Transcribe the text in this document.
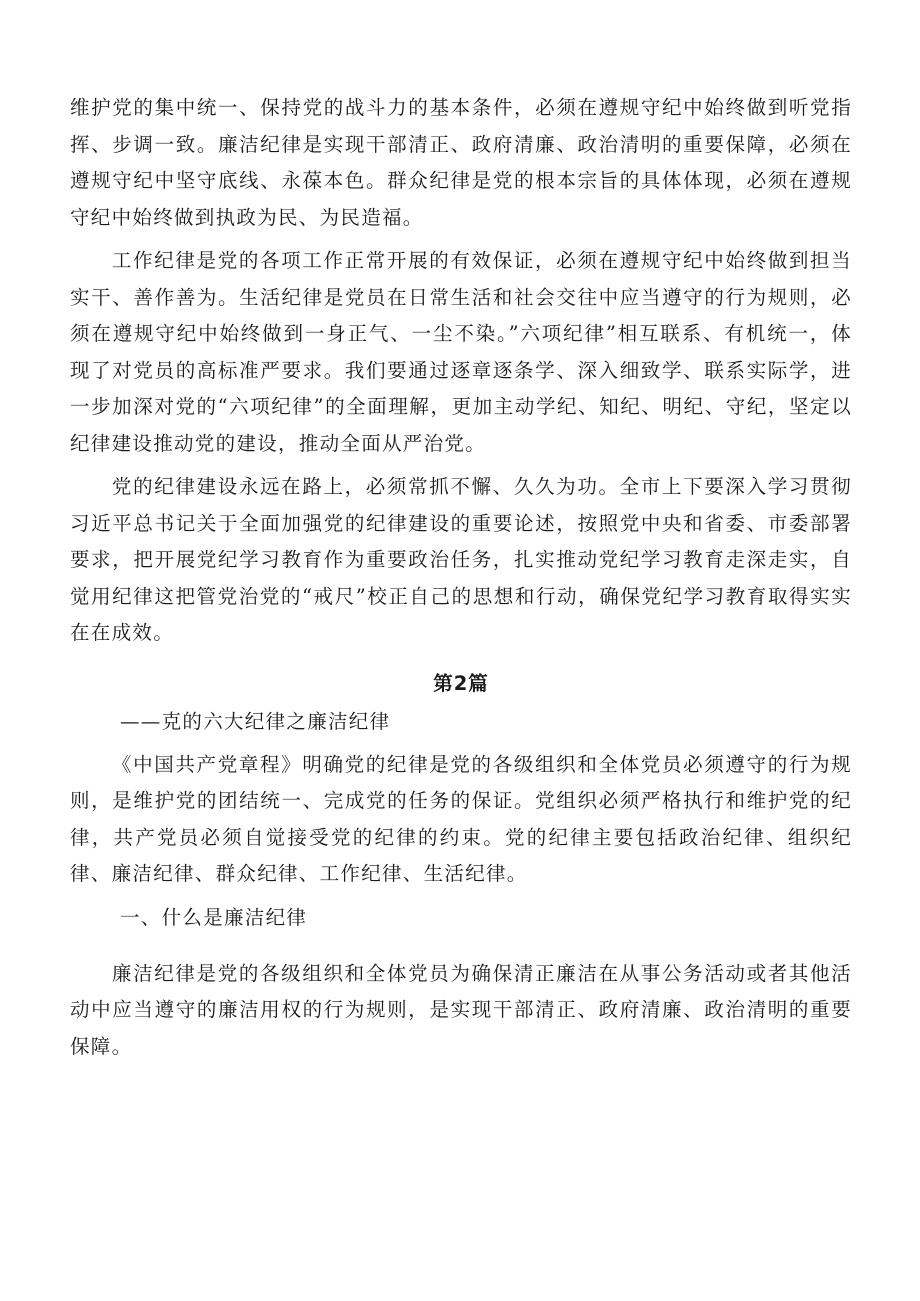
维护党的集中统一、保持党的战斗力的基本条件，必须在遵规守纪中始终做到听党指挥、步调一致。廉洁纪律是实现干部清正、政府清廉、政治清明的重要保障，必须在遵规守纪中坚守底线、永葆本色。群众纪律是党的根本宗旨的具体体现，必须在遵规守纪中始终做到执政为民、为民造福。

工作纪律是党的各项工作正常开展的有效保证，必须在遵规守纪中始终做到担当实干、善作善为。生活纪律是党员在日常生活和社会交往中应当遵守的行为规则，必须在遵规守纪中始终做到一身正气、一尘不染。”六项纪律”相互联系、有机统一，体现了对党员的高标准严要求。我们要通过逐章逐条学、深入细致学、联系实际学，进一步加深对党的“六项纪律”的全面理解，更加主动学纪、知纪、明纪、守纪，坚定以纪律建设推动党的建设，推动全面从严治党。

党的纪律建设永远在路上，必须常抓不懈、久久为功。全市上下要深入学习贯彻习近平总书记关于全面加强党的纪律建设的重要论述，按照党中央和省委、市委部署要求，把开展党纪学习教育作为重要政治任务，扎实推动党纪学习教育走深走实，自觉用纪律这把管党治党的“戒尺”校正自己的思想和行动，确保党纪学习教育取得实实在在成效。

第2篇

——克的六大纪律之廉洁纪律

《中国共产党章程》明确党的纪律是党的各级组织和全体党员必须遵守的行为规则，是维护党的团结统一、完成党的任务的保证。党组织必须严格执行和维护党的纪律，共产党员必须自觉接受党的纪律的约束。党的纪律主要包括政治纪律、组织纪律、廉洁纪律、群众纪律、工作纪律、生活纪律。

一、什么是廉洁纪律

廉洁纪律是党的各级组织和全体党员为确保清正廉洁在从事公务活动或者其他活动中应当遵守的廉洁用权的行为规则，是实现干部清正、政府清廉、政治清明的重要保障。
